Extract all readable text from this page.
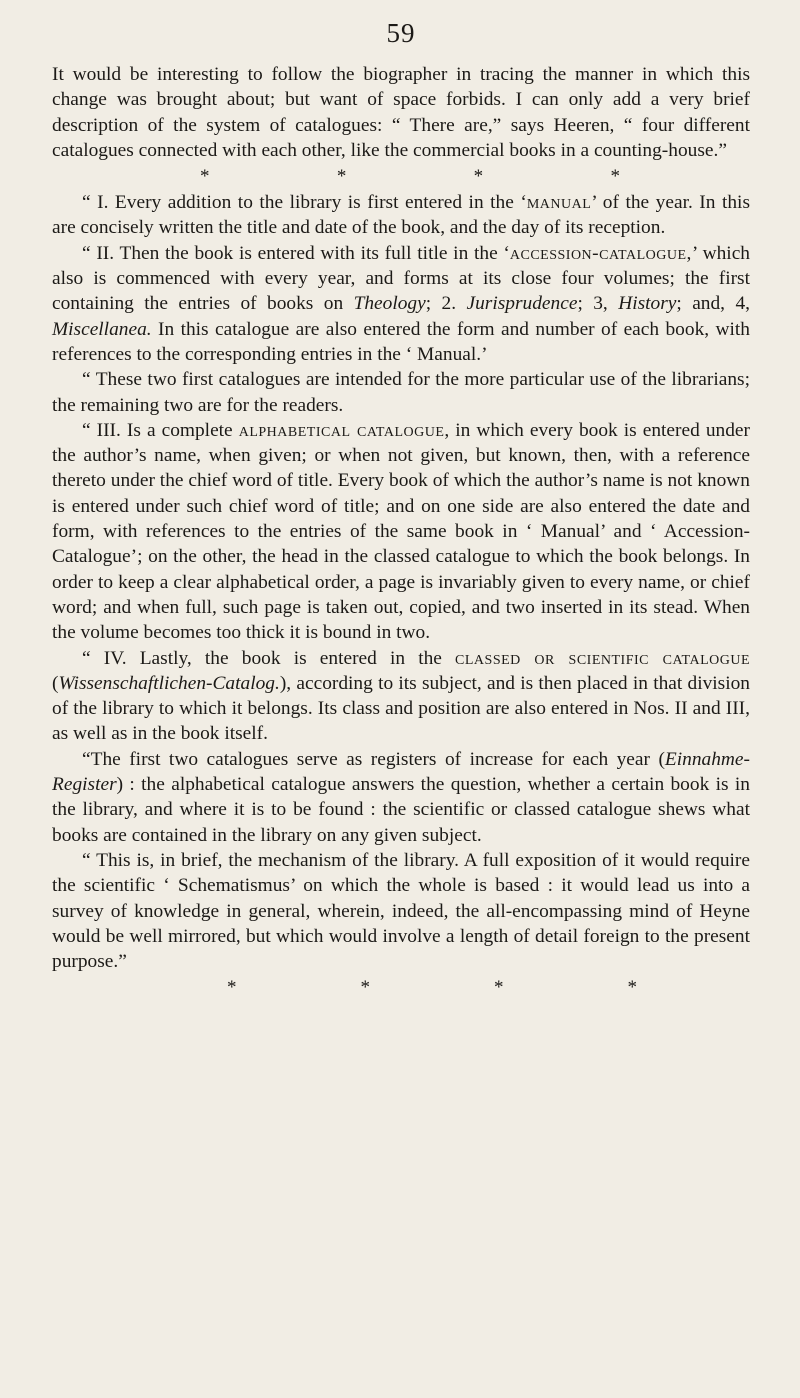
59

It would be interesting to follow the biographer in tracing the manner in which this change was brought about; but want of space forbids. I can only add a very brief description of the system of catalogues: “ There are,” says Heeren, “ four different catalogues connected with each other, like the commercial books in a counting-house.”

*	*	*	*

“ I. Every addition to the library is first entered in the ‘manual’ of the year. In this are concisely written the title and date of the book, and the day of its reception.

“ II. Then the book is entered with its full title in the ‘accession-catalogue,’ which also is commenced with every year, and forms at its close four volumes; the first containing the entries of books on Theology; 2. Jurisprudence; 3, History; and, 4, Miscellanea. In this catalogue are also entered the form and number of each book, with references to the corresponding entries in the ‘ Manual.’

“ These two first catalogues are intended for the more particular use of the librarians; the remaining two are for the readers.

“ III. Is a complete alphabetical catalogue, in which every book is entered under the author’s name, when given; or when not given, but known, then, with a reference thereto under the chief word of title. Every book of which the author’s name is not known is entered under such chief word of title; and on one side are also entered the date and form, with references to the entries of the same book in ‘ Manual’ and ‘ Accession-Catalogue’; on the other, the head in the classed catalogue to which the book belongs. In order to keep a clear alphabetical order, a page is invariably given to every name, or chief word; and when full, such page is taken out, copied, and two inserted in its stead. When the volume becomes too thick it is bound in two.

“ IV. Lastly, the book is entered in the classed or scientific catalogue (Wissenschaftlichen-Catalog.), according to its subject, and is then placed in that division of the library to which it belongs. Its class and position are also entered in Nos. II and III, as well as in the book itself.

“The first two catalogues serve as registers of increase for each year (Einnahme-Register) : the alphabetical catalogue answers the question, whether a certain book is in the library, and where it is to be found : the scientific or classed catalogue shews what books are contained in the library on any given subject.

“ This is, in brief, the mechanism of the library. A full exposition of it would require the scientific ‘ Schematismus’ on which the whole is based : it would lead us into a survey of knowledge in general, wherein, indeed, the all-encompassing mind of Heyne would be well mirrored, but which would involve a length of detail foreign to the present purpose.”

*	*	*	*
